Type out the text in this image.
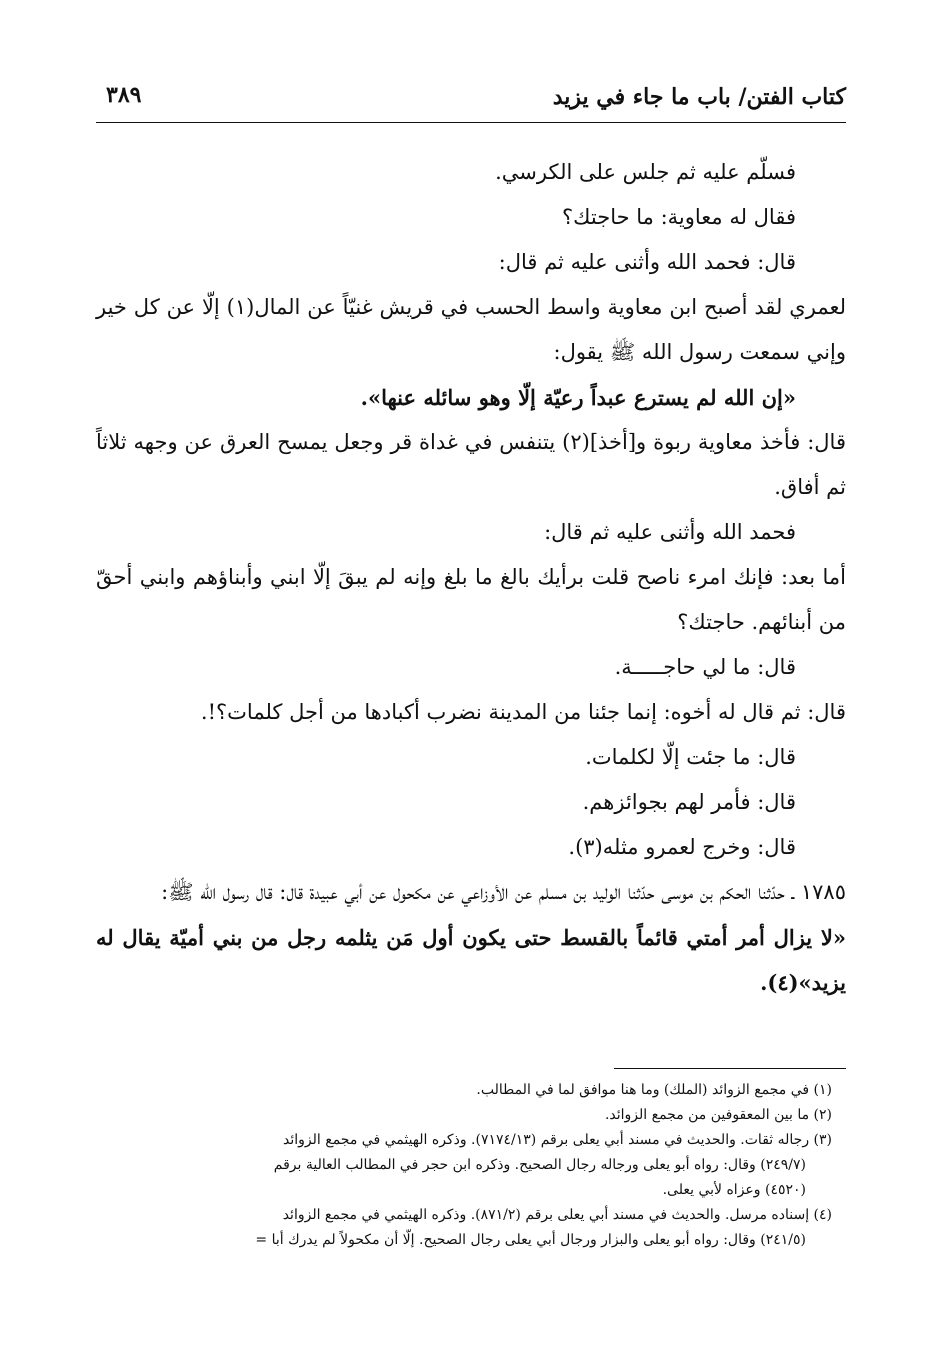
كتاب الفتن/ باب ما جاء في يزيد
٣٨٩

فسلّم عليه ثم جلس على الكرسي.

فقال له معاوية: ما حاجتك؟

قال: فحمد الله وأثنى عليه ثم قال:

لعمري لقد أصبح ابن معاوية واسط الحسب في قريش غنيّاً عن المال(١) إلّا عن كل خير وإني سمعت رسول الله ﷺ يقول:

«إن الله لم يسترع عبداً رعيّة إلّا وهو سائله عنها».

قال: فأخذ معاوية ربوة و[أخذ](٢) يتنفس في غداة قر وجعل يمسح العرق عن وجهه ثلاثاً ثم أفاق.

فحمد الله وأثنى عليه ثم قال:

أما بعد: فإنك امرء ناصح قلت برأيك بالغ ما بلغ وإنه لم يبقَ إلّا ابني وأبناؤهم وابني أحقّ من أبنائهم. حاجتك؟

قال: ما لي حاجـــــة.

قال: ثم قال له أخوه: إنما جئنا من المدينة نضرب أكبادها من أجل كلمات؟!.

قال: ما جئت إلّا لكلمات.

قال: فأمر لهم بجوائزهم.

قال: وخرج لعمرو مثله(٣).

١٧٨٥ ـ حدّثنا الحكم بن موسى حدّثنا الوليد بن مسلم عن الأوزاعي عن مكحول عن أبي عبيدة قال: قال رسول الله ﷺ:

«لا يزال أمر أمتي قائماً بالقسط حتى يكون أول مَن يثلمه رجل من بني أميّة يقال له يزيد»(٤).

(١) في مجمع الزوائد (الملك) وما هنا موافق لما في المطالب.

(٢) ما بين المعقوفين من مجمع الزوائد.

(٣) رجاله ثقات. والحديث في مسند أبي يعلى برقم (٧١٧٤/١٣). وذكره الهيثمي في مجمع الزوائد

(٢٤٩/٧) وقال: رواه أبو يعلى ورجاله رجال الصحيح. وذكره ابن حجر في المطالب العالية برقم

(٤٥٢٠) وعزاه لأبي يعلى.

(٤) إسناده مرسل. والحديث في مسند أبي يعلى برقم (٨٧١/٢). وذكره الهيثمي في مجمع الزوائد

(٢٤١/٥) وقال: رواه أبو يعلى والبزار ورجال أبي يعلى رجال الصحيح. إلّا أن مكحولاً لم يدرك أبا =
